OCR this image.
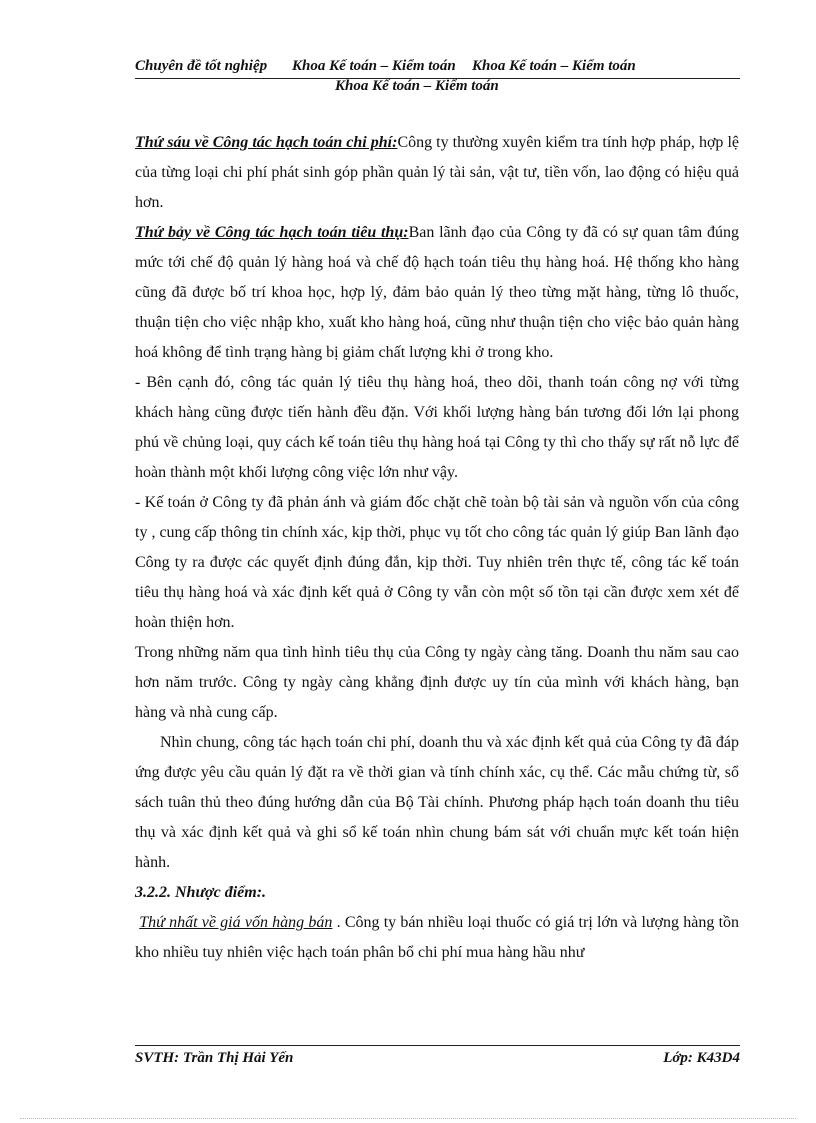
Chuyên đề tốt nghiệp Khoa Kế toán – Kiểm toán Khoa Kế toán – Kiểm toán
Khoa Kế toán – Kiểm toán

Thứ sáu về Công tác hạch toán chi phí:Công ty thường xuyên kiểm tra tính hợp pháp, hợp lệ của từng loại chi phí phát sinh góp phần quản lý tài sản, vật tư, tiền vốn, lao động có hiệu quả hơn.

Thứ bảy về Công tác hạch toán tiêu thụ:Ban lãnh đạo của Công ty đã có sự quan tâm đúng mức tới chế độ quản lý hàng hoá và chế độ hạch toán tiêu thụ hàng hoá. Hệ thống kho hàng cũng đã được bố trí khoa học, hợp lý, đảm bảo quản lý theo từng mặt hàng, từng lô thuốc, thuận tiện cho việc nhập kho, xuất kho hàng hoá, cũng như thuận tiện cho việc bảo quản hàng hoá không để tình trạng hàng bị giảm chất lượng khi ở trong kho.

- Bên cạnh đó, công tác quản lý tiêu thụ hàng hoá, theo dõi, thanh toán công nợ với từng khách hàng cũng được tiến hành đều đặn. Với khối lượng hàng bán tương đối lớn lại phong phú về chủng loại, quy cách kế toán tiêu thụ hàng hoá tại Công ty thì cho thấy sự rất nỗ lực để hoàn thành một khối lượng công việc lớn như vậy.

- Kế toán ở Công ty đã phản ánh và giám đốc chặt chẽ toàn bộ tài sản và nguồn vốn của công ty , cung cấp thông tin chính xác, kịp thời, phục vụ tốt cho công tác quản lý giúp Ban lãnh đạo Công ty ra được các quyết định đúng đắn, kịp thời. Tuy nhiên trên thực tế, công tác kế toán tiêu thụ hàng hoá và xác định kết quả ở Công ty vẫn còn một số tồn tại cần được xem xét để hoàn thiện hơn.

Trong những năm qua tình hình tiêu thụ của Công ty ngày càng tăng. Doanh thu năm sau cao hơn năm trước. Công ty ngày càng khẳng định được uy tín của mình với khách hàng, bạn hàng và nhà cung cấp.

Nhìn chung, công tác hạch toán chi phí, doanh thu và xác định kết quả của Công ty đã đáp ứng được yêu cầu quản lý đặt ra về thời gian và tính chính xác, cụ thể. Các mẫu chứng từ, sổ sách tuân thủ theo đúng hướng dẫn của Bộ Tài chính. Phương pháp hạch toán doanh thu tiêu thụ và xác định kết quả và ghi sổ kế toán nhìn chung bám sát với chuẩn mực kết toán hiện hành.

3.2.2. Nhược điểm:.

Thứ nhất về giá vốn hàng bán . Công ty bán nhiều loại thuốc có giá trị lớn và lượng hàng tồn kho nhiều tuy nhiên việc hạch toán phân bổ chi phí mua hàng hầu như

SVTH: Trần Thị Hải Yến	Lớp: K43D4
